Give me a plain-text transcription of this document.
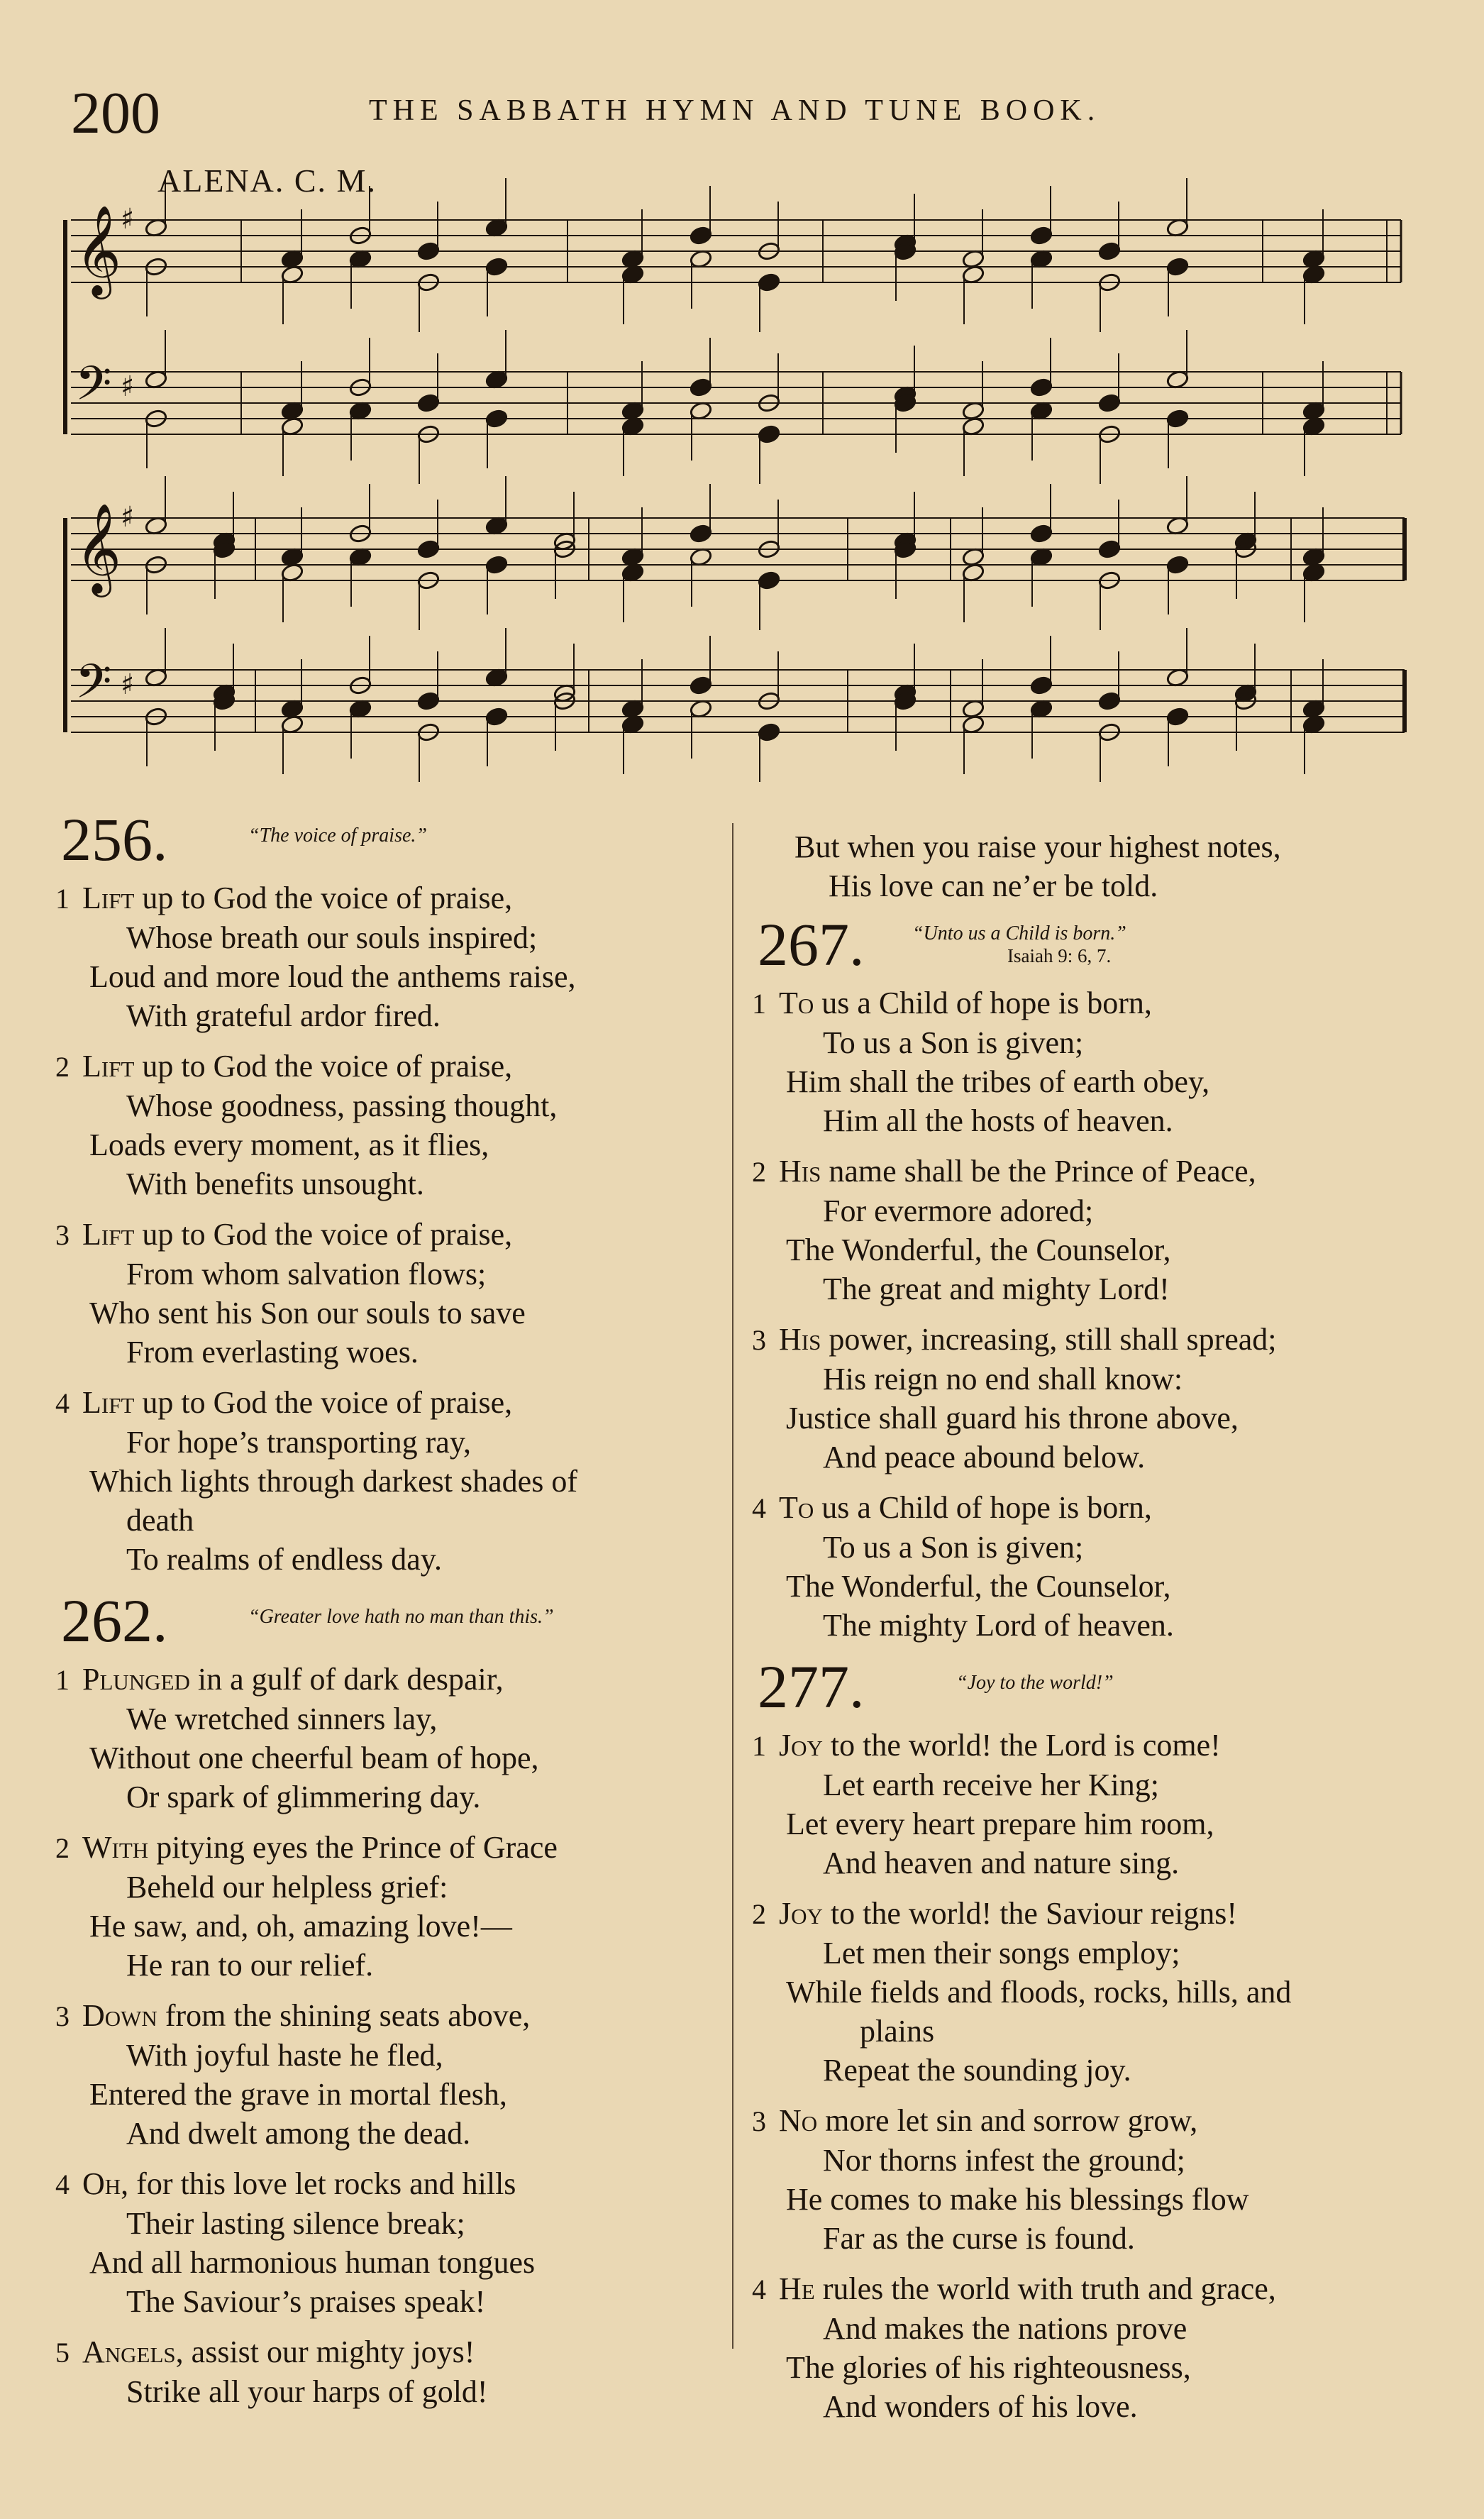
200	THE SABBATH HYMN AND TUNE BOOK.
ALENA. C. M.
𝄞
♯
𝄢 ♯
𝄞
♯
𝄢 ♯
256.	“The voice of praise.”
1 Lift up to God the voice of praise,
Whose breath our souls inspired;
Loud and more loud the anthems raise,
With grateful ardor fired.
2 Lift up to God the voice of praise,
Whose goodness, passing thought,
Loads every moment, as it flies,
With benefits unsought.
3 Lift up to God the voice of praise,
From whom salvation flows;
Who sent his Son our souls to save
From everlasting woes.
4 Lift up to God the voice of praise,
For hope’s transporting ray,
Which lights through darkest shades of
death
To realms of endless day.
262.	“Greater love hath no man than this.”
1 Plunged in a gulf of dark despair,
We wretched sinners lay,
Without one cheerful beam of hope,
Or spark of glimmering day.
2 With pitying eyes the Prince of Grace
Beheld our helpless grief:
He saw, and, oh, amazing love!—
He ran to our relief.
3 Down from the shining seats above,
With joyful haste he fled,
Entered the grave in mortal flesh,
And dwelt among the dead.
4 Oh, for this love let rocks and hills
Their lasting silence break;
And all harmonious human tongues
The Saviour’s praises speak!
5 Angels, assist our mighty joys!
Strike all your harps of gold!
But when you raise your highest notes,
His love can ne’er be told.
267. “Unto us a Child is born.”
Isaiah 9: 6, 7.
1 To us a Child of hope is born,
To us a Son is given;
Him shall the tribes of earth obey,
Him all the hosts of heaven.
2 His name shall be the Prince of Peace,
For evermore adored;
The Wonderful, the Counselor,
The great and mighty Lord!
3 His power, increasing, still shall spread;
His reign no end shall know:
Justice shall guard his throne above,
And peace abound below.
4 To us a Child of hope is born,
To us a Son is given;
The Wonderful, the Counselor,
The mighty Lord of heaven.
277.	“Joy to the world!”
1 Joy to the world! the Lord is come!
Let earth receive her King;
Let every heart prepare him room,
And heaven and nature sing.
2 Joy to the world! the Saviour reigns!
Let men their songs employ;
While fields and floods, rocks, hills, and
plains
Repeat the sounding joy.
3 No more let sin and sorrow grow,
Nor thorns infest the ground;
He comes to make his blessings flow
Far as the curse is found.
4 He rules the world with truth and grace,
And makes the nations prove
The glories of his righteousness,
And wonders of his love.
